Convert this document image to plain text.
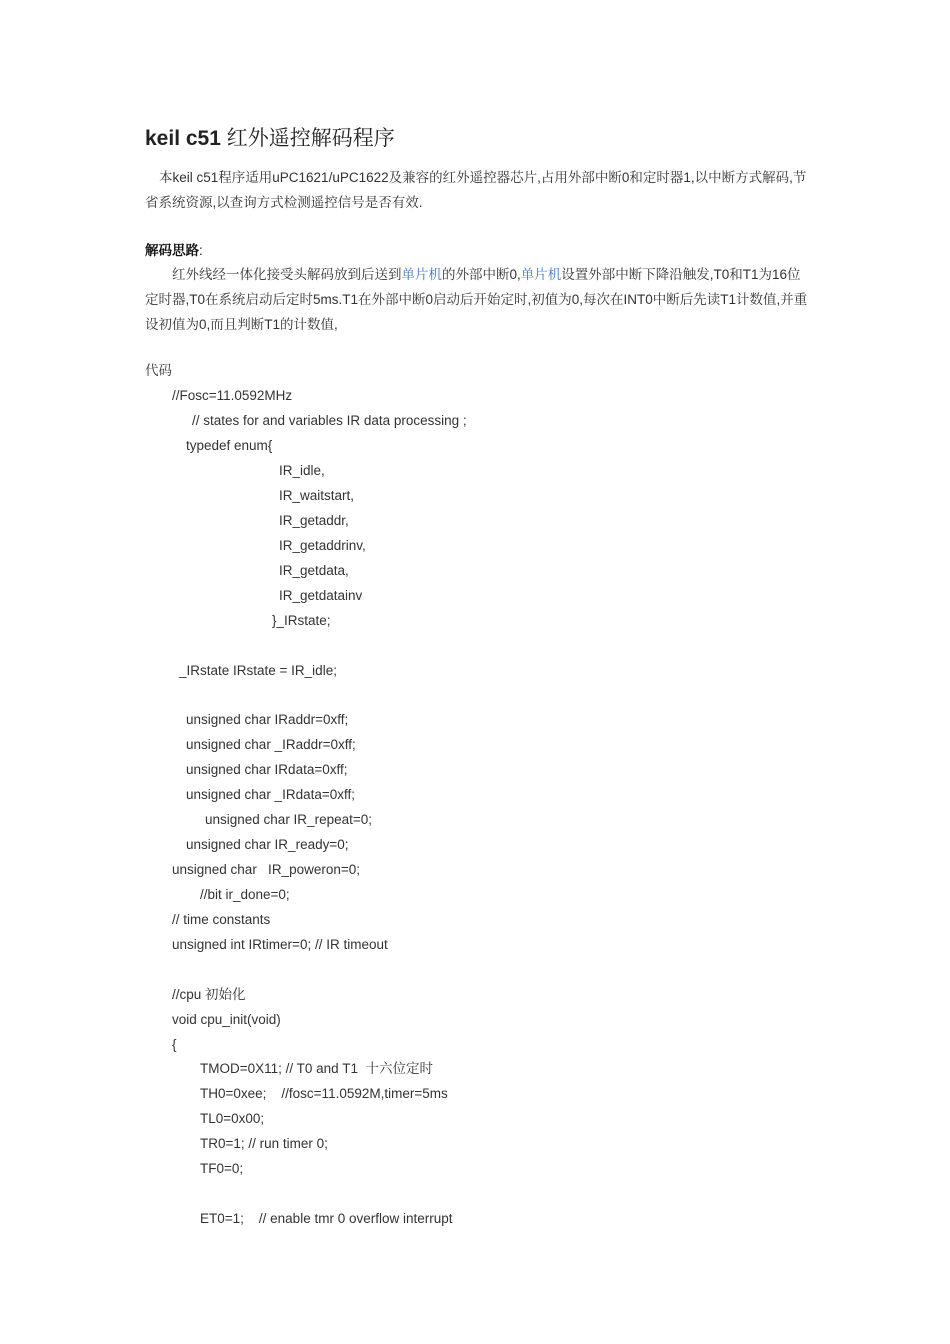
keil c51 红外遥控解码程序
本keil c51程序适用uPC1621/uPC1622及兼容的红外遥控器芯片,占用外部中断0和定时器1,以中断方式解码,节省系统资源,以查询方式检测遥控信号是否有效.
解码思路:
红外线经一体化接受头解码放到后送到单片机的外部中断0,单片机设置外部中断下降沿触发,T0和T1为16位定时器,T0在系统启动后定时5ms.T1在外部中断0启动后开始定时,初值为0,每次在INT0中断后先读T1计数值,并重设初值为0,而且判断T1的计数值,
代码
//Fosc=11.0592MHz
// states for and variables IR data processing ;
typedef enum{
IR_idle,
IR_waitstart,
IR_getaddr,
IR_getaddrinv,
IR_getdata,
IR_getdatainv
}_IRstate;
_IRstate IRstate = IR_idle;
unsigned char IRaddr=0xff;
unsigned char _IRaddr=0xff;
unsigned char IRdata=0xff;
unsigned char _IRdata=0xff;
unsigned char IR_repeat=0;
unsigned char IR_ready=0;
unsigned char   IR_poweron=0;
//bit ir_done=0;
// time constants
unsigned int IRtimer=0; // IR timeout
//cpu 初始化
void cpu_init(void)
{
TMOD=0X11; // T0 and T1  十六位定时
TH0=0xee;    //fosc=11.0592M,timer=5ms
TL0=0x00;
TR0=1; // run timer 0;
TF0=0;
ET0=1;    // enable tmr 0 overflow interrupt
